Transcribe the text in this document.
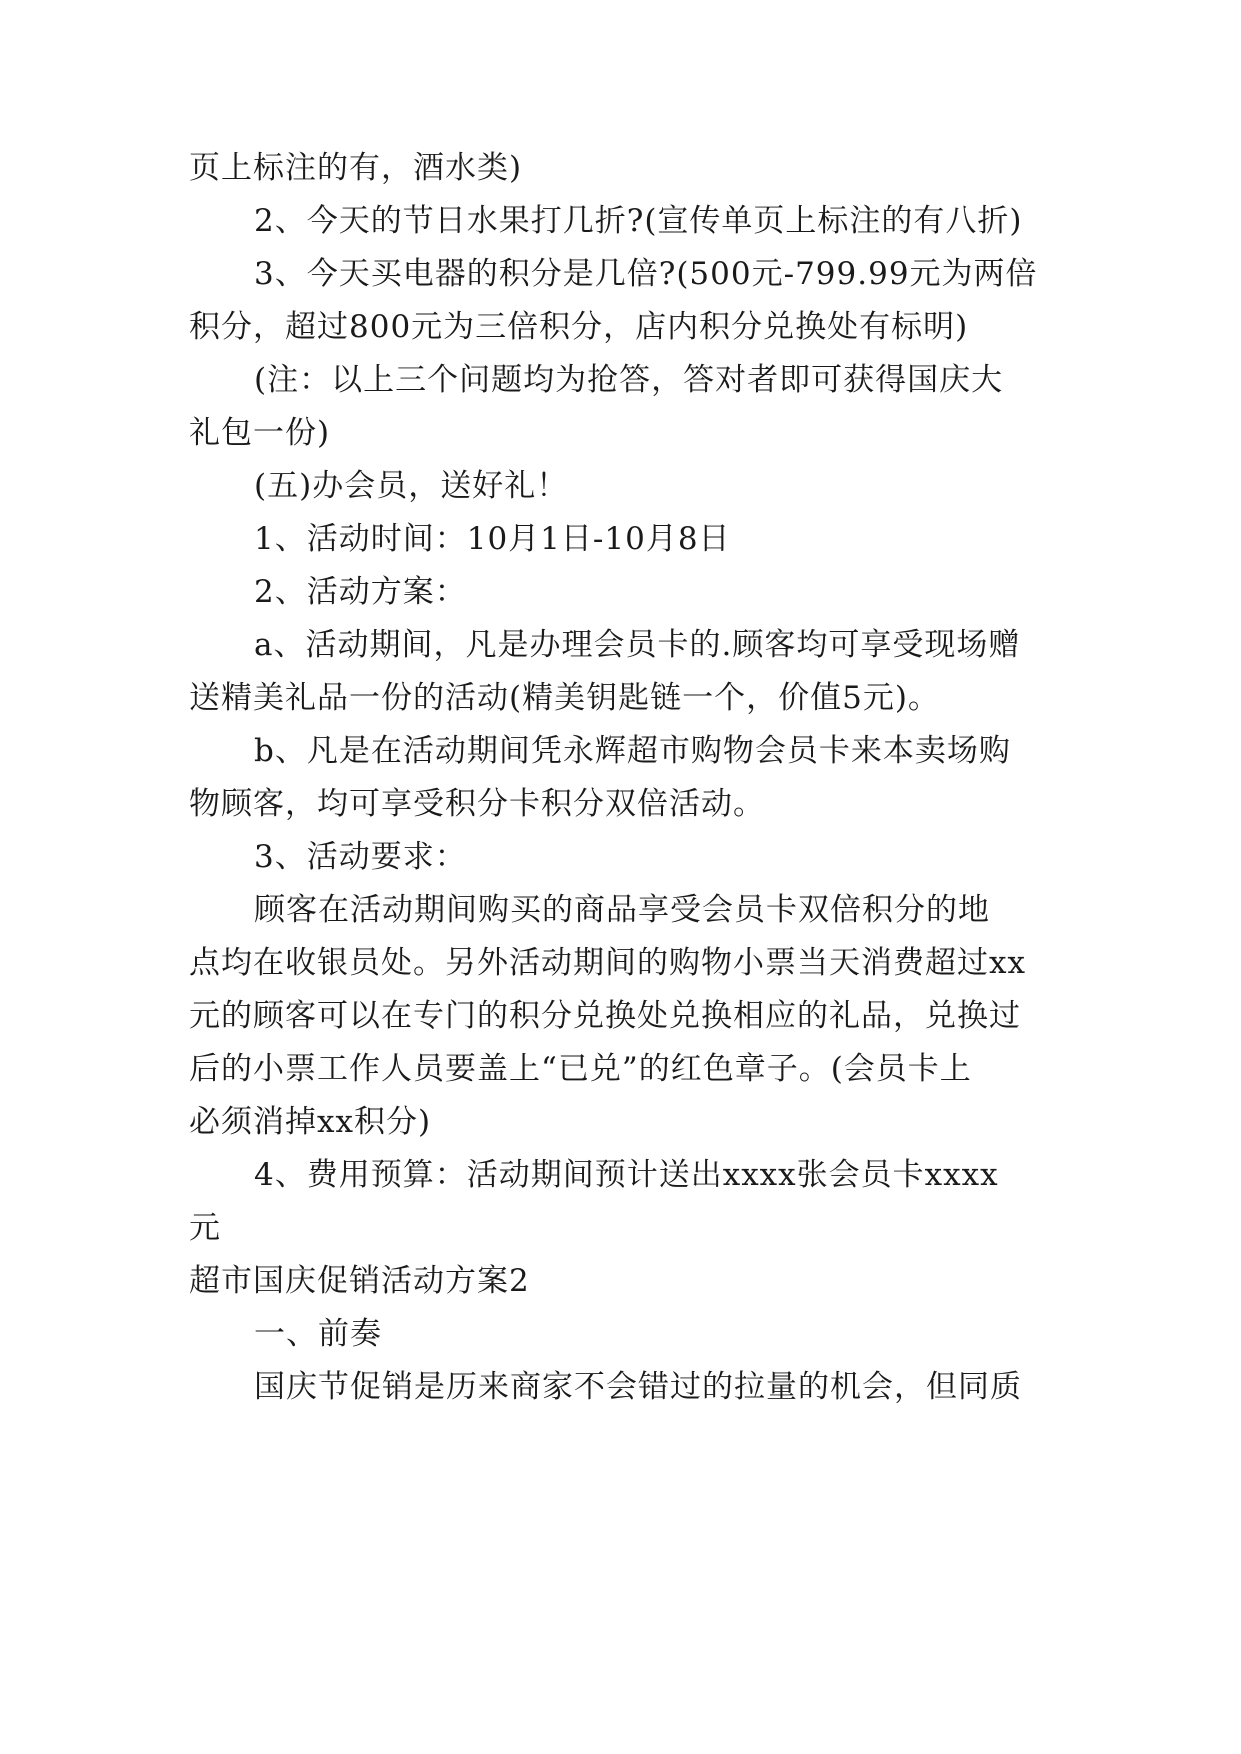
页上标注的有，酒水类)
2、今天的节日水果打几折?(宣传单页上标注的有八折)
3、今天买电器的积分是几倍?(500元-799.99元为两倍
积分，超过800元为三倍积分，店内积分兑换处有标明)
(注：以上三个问题均为抢答，答对者即可获得国庆大
礼包一份)
(五)办会员，送好礼！
1、活动时间：10月1日-10月8日
2、活动方案：
a、活动期间，凡是办理会员卡的.顾客均可享受现场赠
送精美礼品一份的活动(精美钥匙链一个，价值5元)。
b、凡是在活动期间凭永辉超市购物会员卡来本卖场购
物顾客，均可享受积分卡积分双倍活动。
3、活动要求：
顾客在活动期间购买的商品享受会员卡双倍积分的地
点均在收银员处。另外活动期间的购物小票当天消费超过xx
元的顾客可以在专门的积分兑换处兑换相应的礼品，兑换过
后的小票工作人员要盖上“已兑”的红色章子。(会员卡上
必须消掉xx积分)
4、费用预算：活动期间预计送出xxxx张会员卡xxxx
元
超市国庆促销活动方案2
一、前奏
国庆节促销是历来商家不会错过的拉量的机会，但同质
